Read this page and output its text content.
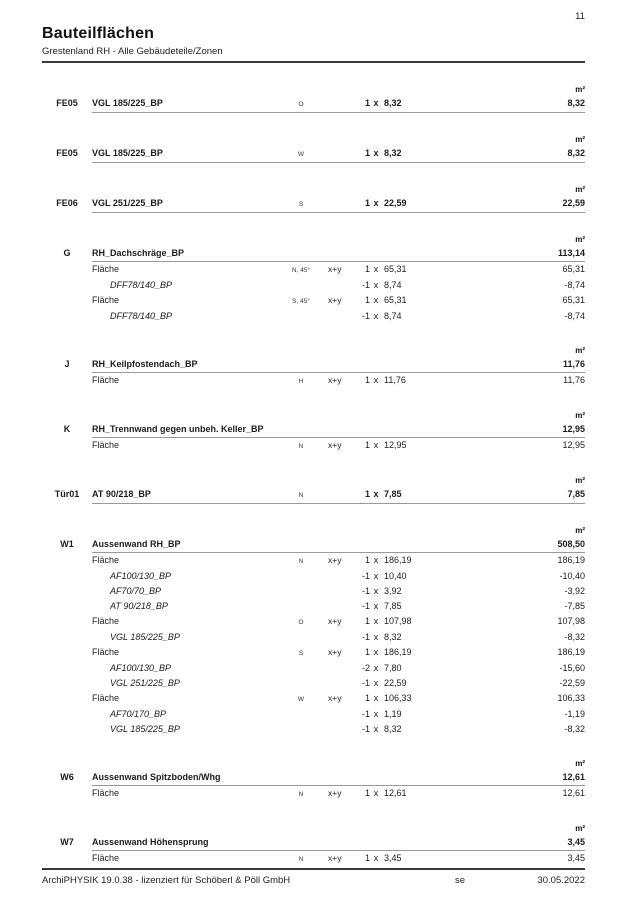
11
Bauteilflächen
Grestenland RH - Alle Gebäudeteile/Zonen
m²
FE05	VGL 185/225_BP	O	1 x 8,32	8,32
m²
FE05	VGL 185/225_BP	W	1 x 8,32	8,32
m²
FE06	VGL 251/225_BP	S	1 x 22,59	22,59
m²
G	RH_Dachschräge_BP	113,14
Fläche	N, 45°	x+y	1 x 65,31	65,31
DFF78/140_BP	-1 x 8,74	-8,74
Fläche	S, 45°	x+y	1 x 65,31	65,31
DFF78/140_BP	-1 x 8,74	-8,74
m²
J	RH_Keilpfostendach_BP	11,76
Fläche	H	x+y	1 x 11,76	11,76
m²
K	RH_Trennwand gegen unbeh. Keller_BP	12,95
Fläche	N	x+y	1 x 12,95	12,95
m²
Tür01	AT 90/218_BP	N	1 x 7,85	7,85
m²
W1	Aussenwand RH_BP	508,50
Fläche	N	x+y	1 x 186,19	186,19
AF100/130_BP	-1 x 10,40	-10,40
AF70/70_BP	-1 x 3,92	-3,92
AT 90/218_BP	-1 x 7,85	-7,85
Fläche	O	x+y	1 x 107,98	107,98
VGL 185/225_BP	-1 x 8,32	-8,32
Fläche	S	x+y	1 x 186,19	186,19
AF100/130_BP	-2 x 7,80	-15,60
VGL 251/225_BP	-1 x 22,59	-22,59
Fläche	W	x+y	1 x 106,33	106,33
AF70/170_BP	-1 x 1,19	-1,19
VGL 185/225_BP	-1 x 8,32	-8,32
m²
W6	Aussenwand Spitzboden/Whg	12,61
Fläche	N	x+y	1 x 12,61	12,61
m²
W7	Aussenwand Höhensprung	3,45
Fläche	N	x+y	1 x 3,45	3,45
ArchiPHYSIK 19.0.38 - lizenziert für Schöberl & Pöll GmbH	se	30.05.2022
